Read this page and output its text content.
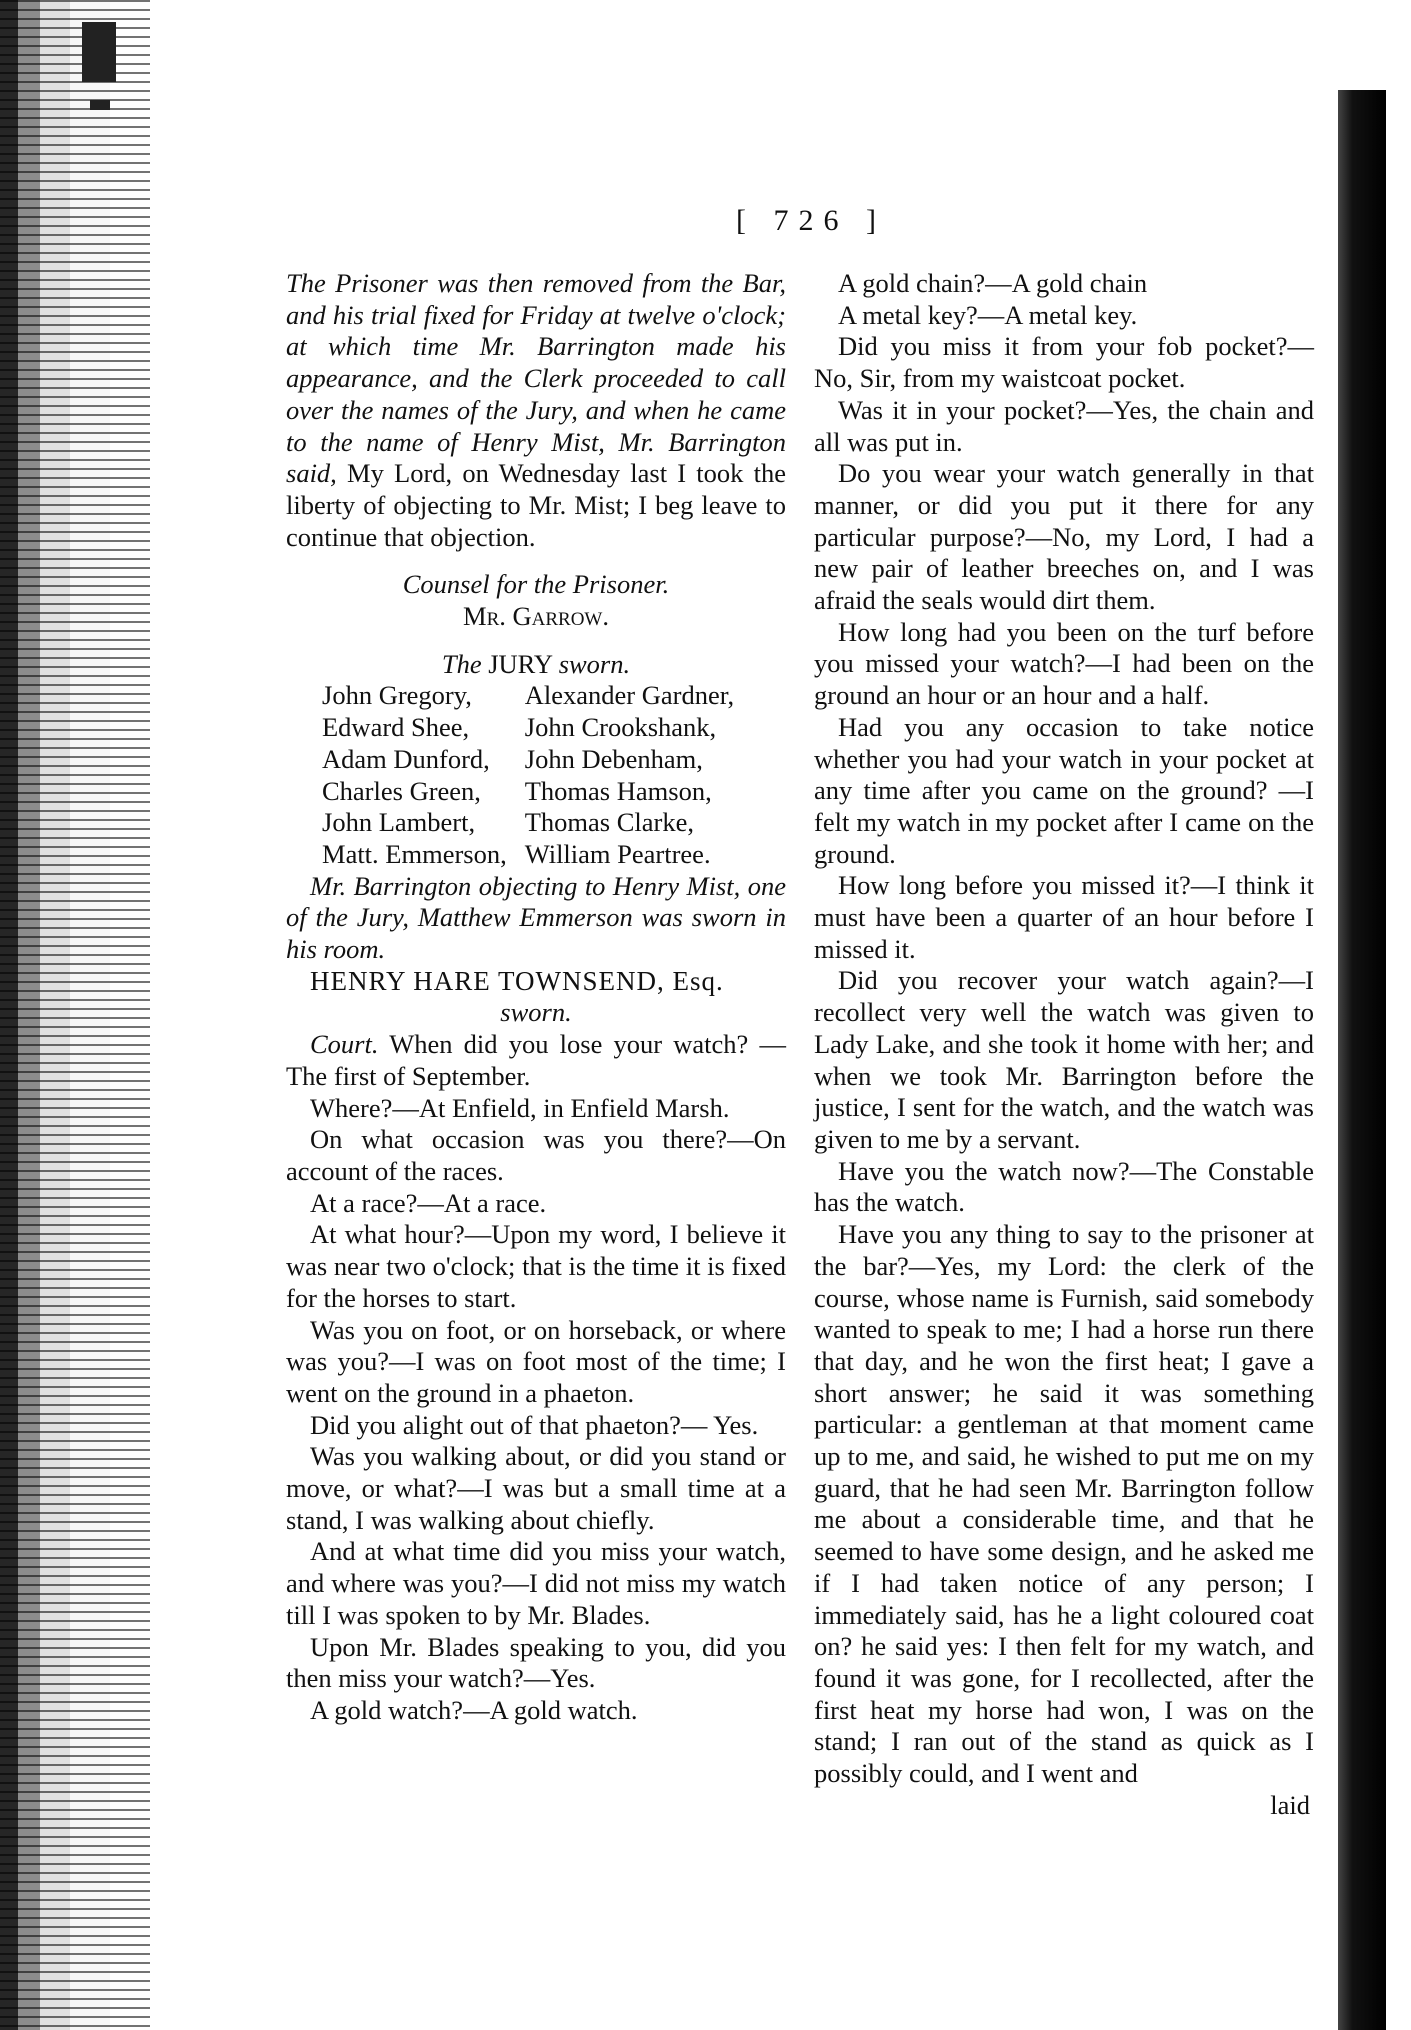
[ 726 ]

The Prisoner was then removed from the Bar, and his trial fixed for Friday at twelve o'clock; at which time Mr. Barrington made his appearance, and the Clerk proceeded to call over the names of the Jury, and when he came to the name of Henry Mist, Mr. Barrington said, My Lord, on Wednesday last I took the liberty of objecting to Mr. Mist; I beg leave to continue that objection.

Counsel for the Prisoner.

Mr. Garrow.

The JURY sworn.

John Gregory,	Alexander Gardner,
Edward Shee,	John Crookshank,
Adam Dunford,	John Debenham,
Charles Green,	Thomas Hamson,
John Lambert,	Thomas Clarke,
Matt. Emmerson,	William Peartree.

Mr. Barrington objecting to Henry Mist, one of the Jury, Matthew Emmerson was sworn in his room.

HENRY HARE TOWNSEND, Esq.

sworn.

Court. When did you lose your watch? —The first of September.

Where?—At Enfield, in Enfield Marsh.

On what occasion was you there?—On account of the races.

At a race?—At a race.

At what hour?—Upon my word, I believe it was near two o'clock; that is the time it is fixed for the horses to start.

Was you on foot, or on horseback, or where was you?—I was on foot most of the time; I went on the ground in a phaeton.

Did you alight out of that phaeton?— Yes.

Was you walking about, or did you stand or move, or what?—I was but a small time at a stand, I was walking about chiefly.

And at what time did you miss your watch, and where was you?—I did not miss my watch till I was spoken to by Mr. Blades.

Upon Mr. Blades speaking to you, did you then miss your watch?—Yes.

A gold watch?—A gold watch.

A gold chain?—A gold chain

A metal key?—A metal key.

Did you miss it from your fob pocket?— No, Sir, from my waistcoat pocket.

Was it in your pocket?—Yes, the chain and all was put in.

Do you wear your watch generally in that manner, or did you put it there for any particular purpose?—No, my Lord, I had a new pair of leather breeches on, and I was afraid the seals would dirt them.

How long had you been on the turf before you missed your watch?—I had been on the ground an hour or an hour and a half.

Had you any occasion to take notice whether you had your watch in your pocket at any time after you came on the ground? —I felt my watch in my pocket after I came on the ground.

How long before you missed it?—I think it must have been a quarter of an hour before I missed it.

Did you recover your watch again?—I recollect very well the watch was given to Lady Lake, and she took it home with her; and when we took Mr. Barrington before the justice, I sent for the watch, and the watch was given to me by a servant.

Have you the watch now?—The Constable has the watch.

Have you any thing to say to the prisoner at the bar?—Yes, my Lord: the clerk of the course, whose name is Furnish, said somebody wanted to speak to me; I had a horse run there that day, and he won the first heat; I gave a short answer; he said it was something particular: a gentleman at that moment came up to me, and said, he wished to put me on my guard, that he had seen Mr. Barrington follow me about a considerable time, and that he seemed to have some design, and he asked me if I had taken notice of any person; I immediately said, has he a light coloured coat on? he said yes: I then felt for my watch, and found it was gone, for I recollected, after the first heat my horse had won, I was on the stand; I ran out of the stand as quick as I possibly could, and I went and

laid
